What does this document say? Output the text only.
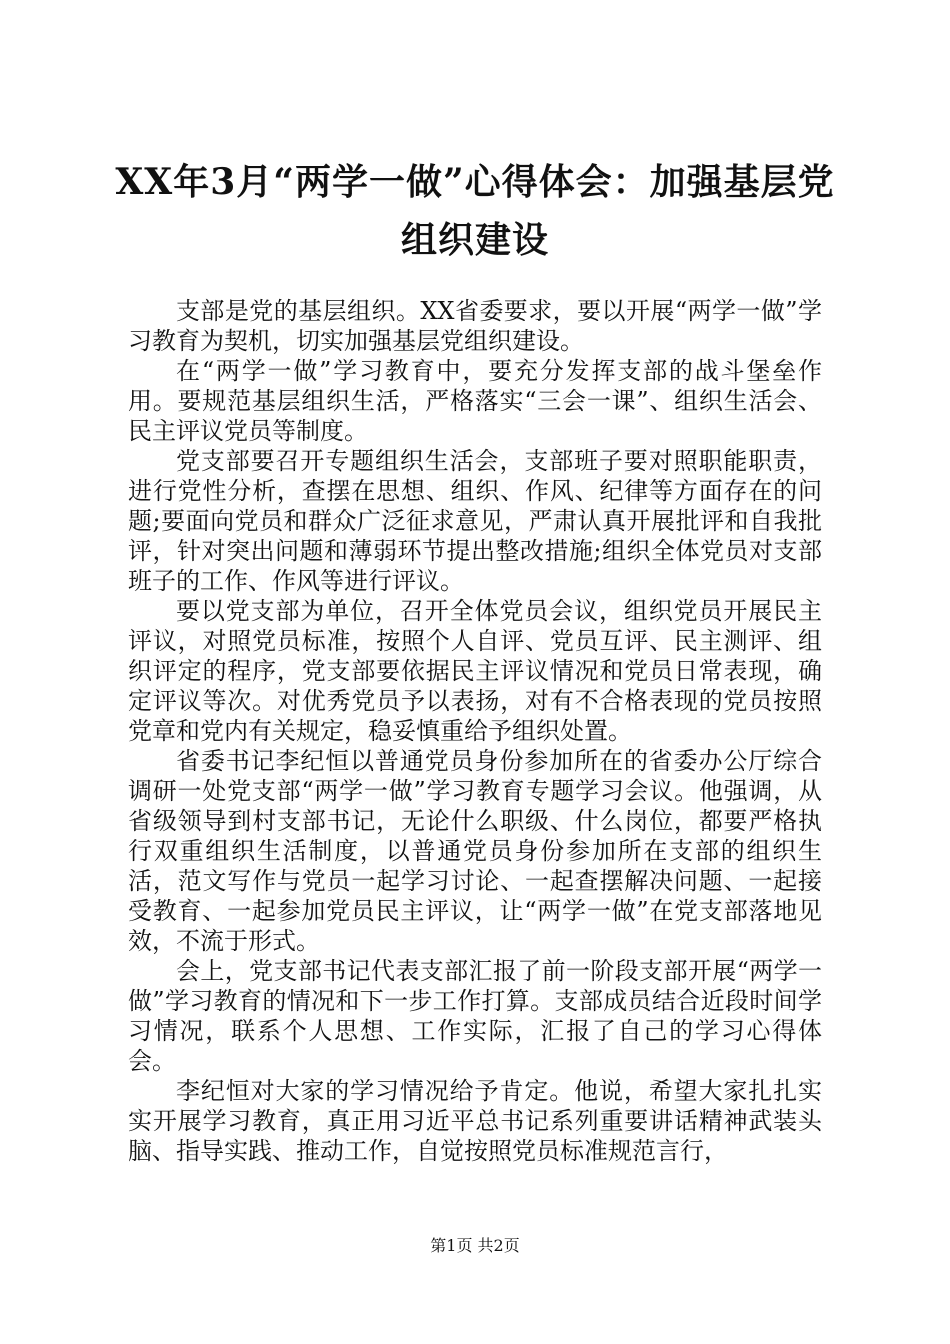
XX年3月“两学一做”心得体会：加强基层党
组织建设

支部是党的基层组织。XX省委要求，要以开展“两学一做”学习教育为契机，切实加强基层党组织建设。

在“两学一做”学习教育中，要充分发挥支部的战斗堡垒作用。要规范基层组织生活，严格落实“三会一课”、组织生活会、民主评议党员等制度。

党支部要召开专题组织生活会，支部班子要对照职能职责，进行党性分析，查摆在思想、组织、作风、纪律等方面存在的问题;要面向党员和群众广泛征求意见，严肃认真开展批评和自我批评，针对突出问题和薄弱环节提出整改措施;组织全体党员对支部班子的工作、作风等进行评议。

要以党支部为单位，召开全体党员会议，组织党员开展民主评议，对照党员标准，按照个人自评、党员互评、民主测评、组织评定的程序，党支部要依据民主评议情况和党员日常表现，确定评议等次。对优秀党员予以表扬，对有不合格表现的党员按照党章和党内有关规定，稳妥慎重给予组织处置。

省委书记李纪恒以普通党员身份参加所在的省委办公厅综合调研一处党支部“两学一做”学习教育专题学习会议。他强调，从省级领导到村支部书记，无论什么职级、什么岗位，都要严格执行双重组织生活制度，以普通党员身份参加所在支部的组织生活，范文写作与党员一起学习讨论、一起查摆解决问题、一起接受教育、一起参加党员民主评议，让“两学一做”在党支部落地见效，不流于形式。

会上，党支部书记代表支部汇报了前一阶段支部开展“两学一做”学习教育的情况和下一步工作打算。支部成员结合近段时间学习情况，联系个人思想、工作实际，汇报了自己的学习心得体会。

李纪恒对大家的学习情况给予肯定。他说，希望大家扎扎实实开展学习教育，真正用习近平总书记系列重要讲话精神武装头脑、指导实践、推动工作，自觉按照党员标准规范言行，

第1页 共2页
